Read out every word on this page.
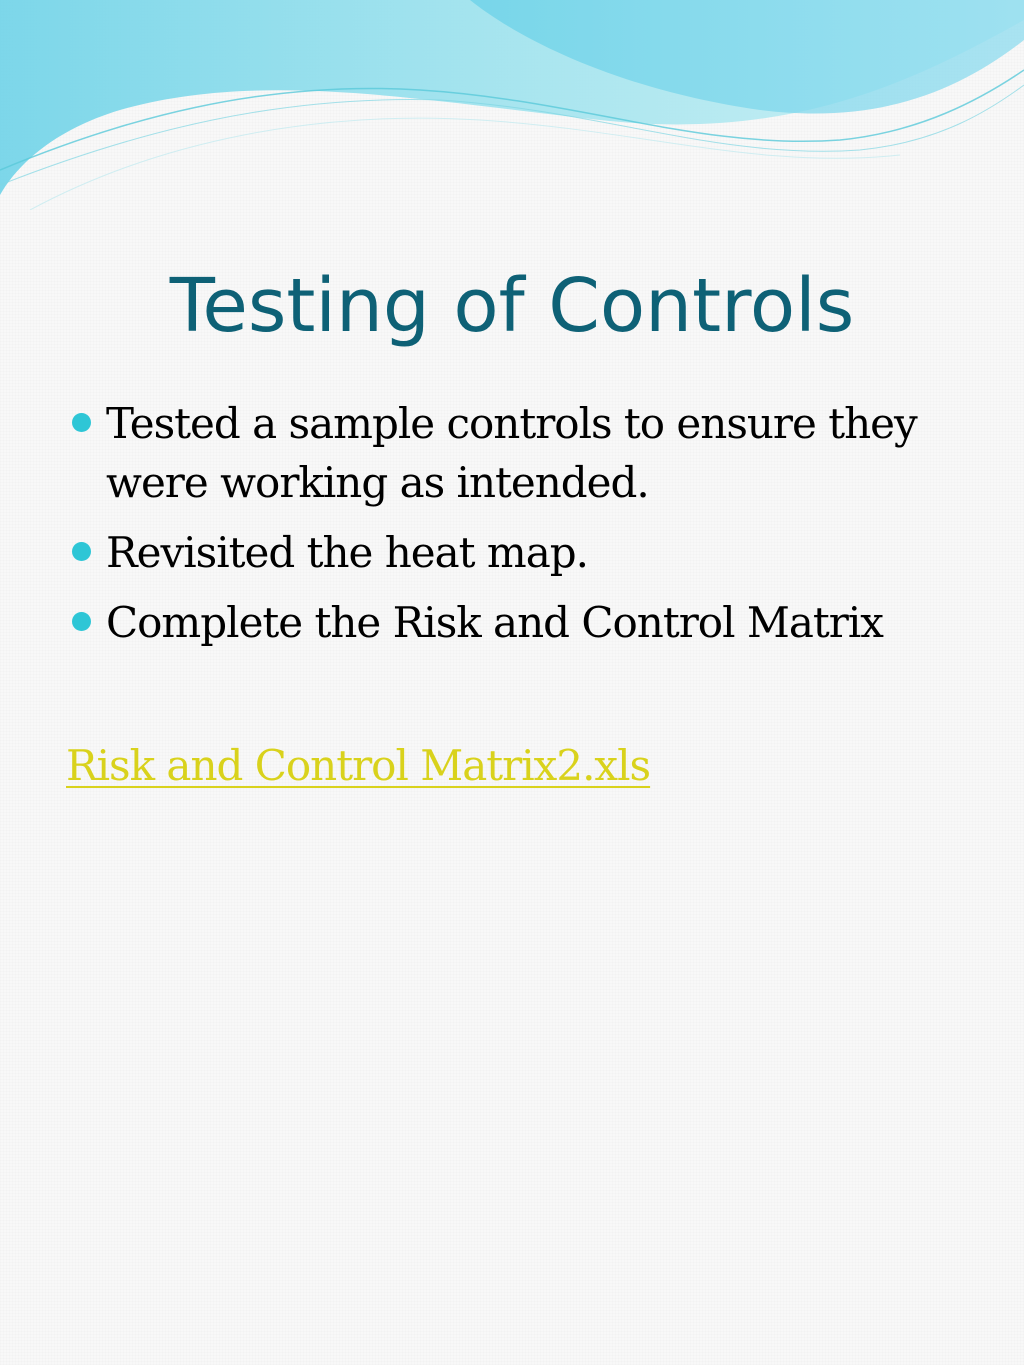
Testing of Controls
Tested a sample controls to ensure they were working as intended.
Revisited the heat map.
Complete the Risk and Control Matrix
Risk and Control Matrix2.xls
